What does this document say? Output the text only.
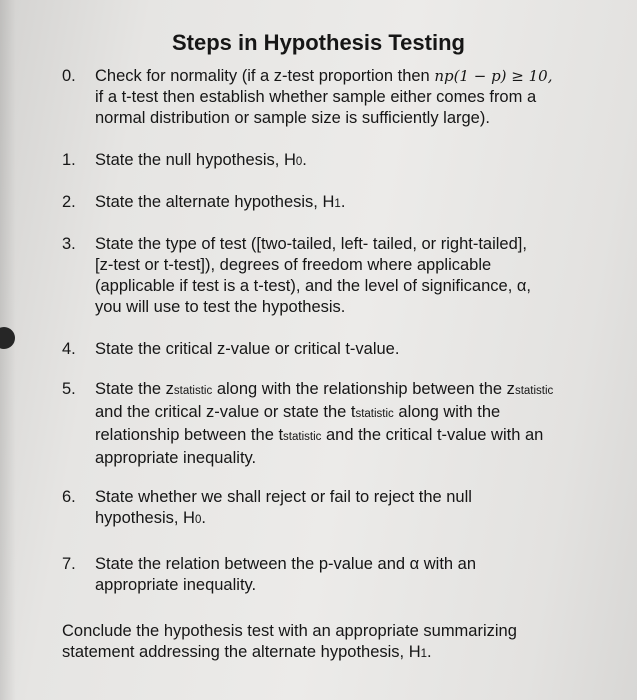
Steps in Hypothesis Testing
0.	Check for normality (if a z-test proportion then np(1 − p) ≥ 10,
if a t-test then establish whether sample either comes from a
normal distribution or sample size is sufficiently large).
1.	State the null hypothesis, H0.
2.	State the alternate hypothesis, H1.
3.	State the type of test ([two-tailed, left- tailed, or right-tailed],
[z-test or t-test]), degrees of freedom where applicable
(applicable if test is a t-test), and the level of significance, α,
you will use to test the hypothesis.
4.	State the critical z-value or critical t-value.
5.	State the zstatistic along with the relationship between the zstatistic
and the critical z-value or state the tstatistic along with the
relationship between the tstatistic and the critical t-value with an
appropriate inequality.
6.	State whether we shall reject or fail to reject the null
hypothesis, H0.
7.	State the relation between the p-value and α with an
appropriate inequality.
Conclude the hypothesis test with an appropriate summarizing
statement addressing the alternate hypothesis, H1.
